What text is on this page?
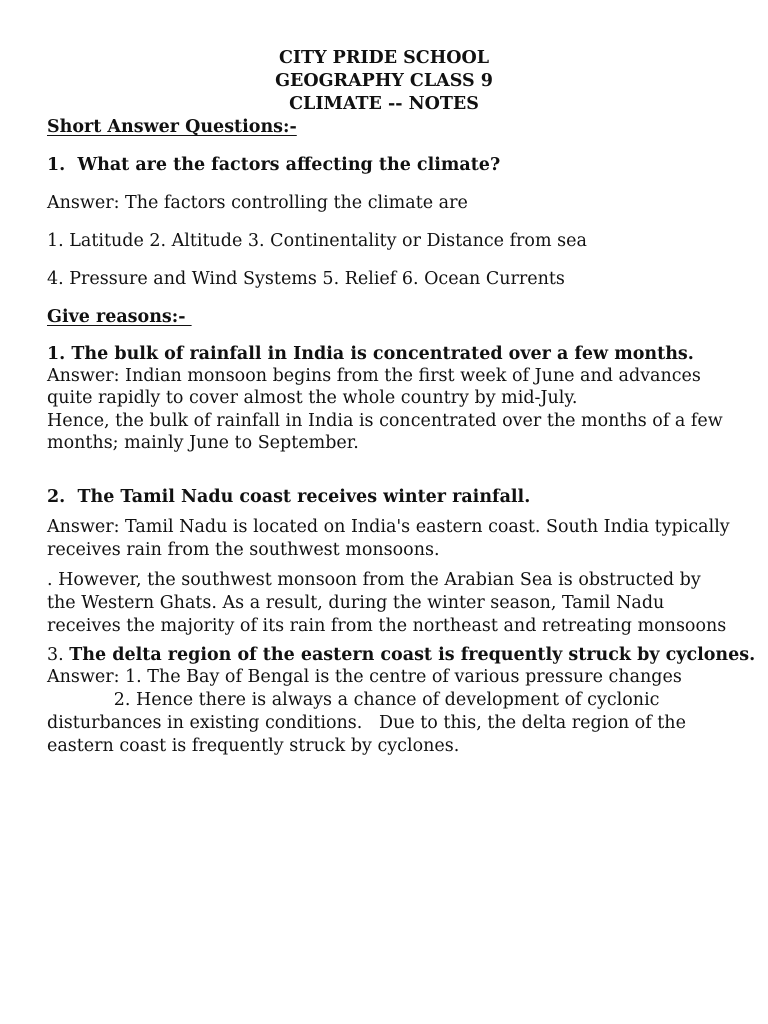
CITY PRIDE SCHOOL
GEOGRAPHY CLASS 9
CLIMATE -- NOTES
Short Answer Questions:-
1.  What are the factors affecting the climate?
Answer: The factors controlling the climate are
1. Latitude 2. Altitude 3. Continentality or Distance from sea
4. Pressure and Wind Systems 5. Relief 6. Ocean Currents
Give reasons:-
1. The bulk of rainfall in India is concentrated over a few months.
Answer: Indian monsoon begins from the first week of June and advances
quite rapidly to cover almost the whole country by mid-July.
Hence, the bulk of rainfall in India is concentrated over the months of a few
months; mainly June to September.
2.  The Tamil Nadu coast receives winter rainfall.
Answer: Tamil Nadu is located on India's eastern coast. South India typically
receives rain from the southwest monsoons.
. However, the southwest monsoon from the Arabian Sea is obstructed by
the Western Ghats. As a result, during the winter season, Tamil Nadu
receives the majority of its rain from the northeast and retreating monsoons
3. The delta region of the eastern coast is frequently struck by cyclones.
Answer: 1. The Bay of Bengal is the centre of various pressure changes
2. Hence there is always a chance of development of cyclonic
disturbances in existing conditions.   Due to this, the delta region of the
eastern coast is frequently struck by cyclones.
